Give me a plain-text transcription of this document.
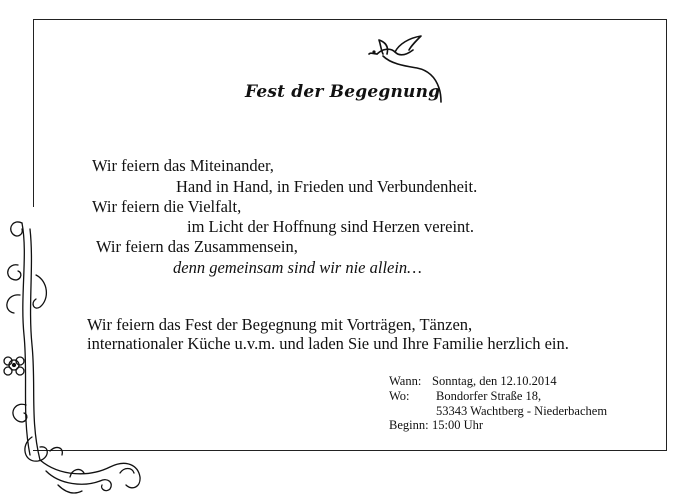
Fest der Begegnung
Wir feiern das Miteinander,
Hand in Hand, in Frieden und Verbundenheit.
Wir feiern die Vielfalt,
im Licht der Hoffnung sind Herzen vereint.
Wir feiern das Zusammensein,
denn gemeinsam sind wir nie allein…
Wir feiern das Fest der Begegnung mit Vorträgen, Tänzen,
internationaler Küche u.v.m. und laden Sie und Ihre Familie herzlich ein.
Wann: Sonntag, den 12.10.2014
Wo: Bondorfer Straße 18,
53343 Wachtberg - Niederbachem
Beginn: 15:00 Uhr
